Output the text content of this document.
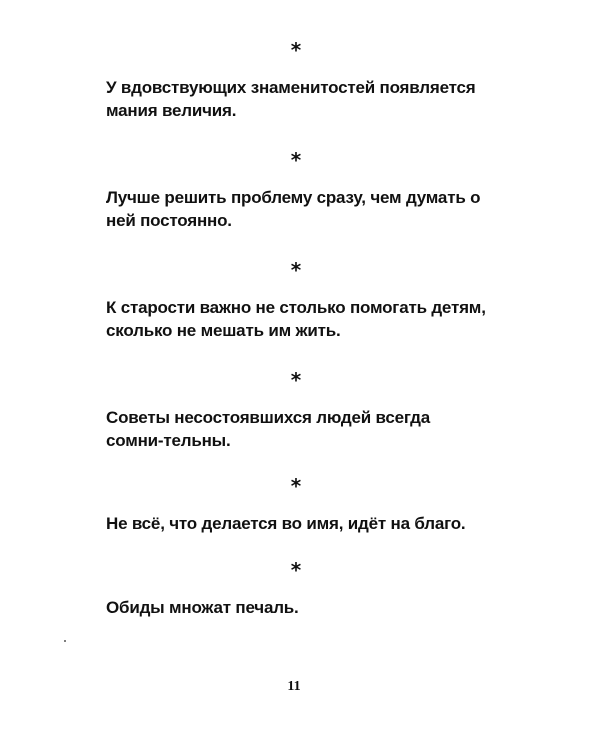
*

У вдовствующих знаменитостей появляется мания величия.

*

Лучше решить проблему сразу, чем думать о ней постоянно.

*

К старости важно не столько помогать детям, сколько не мешать им жить.

*

Советы несостоявшихся людей всегда сомни-тельны.

*

Не всё, что делается во имя, идёт на благо.

*

Обиды множат печаль.

11
